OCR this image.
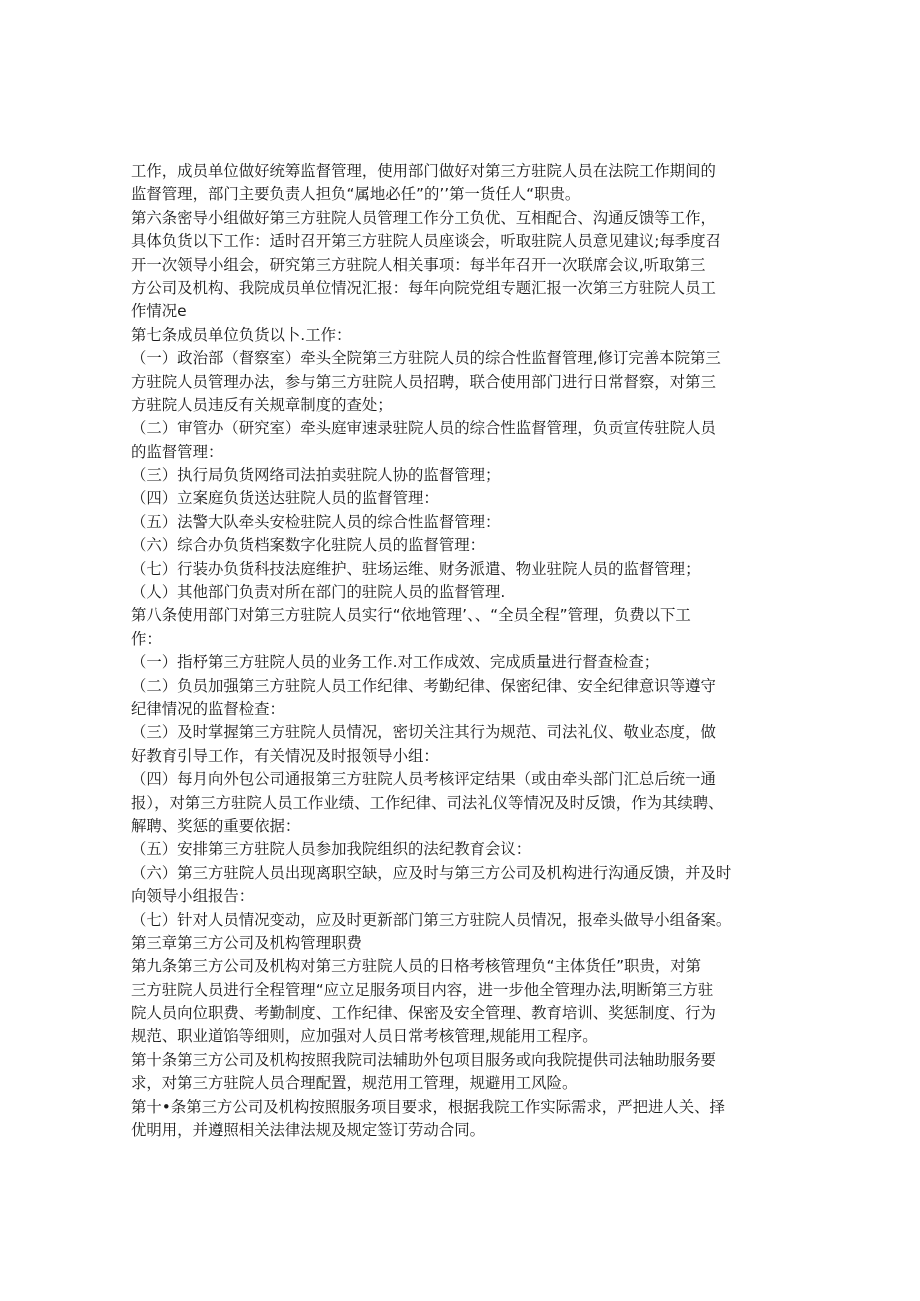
工作，成员单位做好统筹监督管理，使用部门做好对第三方驻院人员在法院工作期间的
监督管理，部门主要负责人担负“属地必任”的’’第一货任人“职贵。
第六条密导小组做好第三方驻院人员管理工作分工负优、互相配合、沟通反馈等工作，
具体负货以下工作：适时召开第三方驻院人员座谈会，听取驻院人员意见建议;每季度召
开一次领导小组会，研究第三方驻院人相关事项：每半年召开一次联席会议,听取第三
方公司及机构、我院成员单位情况汇报：每年向院党组专题汇报一次第三方驻院人员工
作情况e
第七条成员单位负货以卜.工作：
（一）政治部（督察室）牵头全院第三方驻院人员的综合性监督管理,修订完善本院第三
方驻院人员管理办法，参与第三方驻院人员招聘，联合使用部门进行日常督察，对第三
方驻院人员违反有关规章制度的查处；
（二）审管办（研究室）牵头庭审速录驻院人员的综合性监督管理，负贡宣传驻院人员
的监督管理：
（三）执行局负货网络司法拍卖驻院人协的监督管理；
（四）立案庭负货送达驻院人员的监督管理：
（五）法警大队牵头安检驻院人员的综合性监督管理：
（六）综合办负货档案数字化驻院人员的监督管理：
（七）行装办负货科技法庭维护、驻场运维、财务派遣、物业驻院人员的监督管理；
（人）其他部门负责对所在部门的驻院人员的监督管理.
第八条使用部门对第三方驻院人员实行“依地管理’、、“全员全程”管理，负费以下工
作：
（一）指杼第三方驻院人员的业务工作.对工作成效、完成质量进行督查检查；
（二）负员加强第三方驻院人员工作纪律、考勤纪律、保密纪律、安全纪律意识等遵守
纪律情况的监督检查：
（三）及时掌握第三方驻院人员情况，密切关注其行为规范、司法礼仪、敬业态度，做
好教育引导工作，有关情况及时报领导小组：
（四）每月向外包公司通报第三方驻院人员考核评定结果（或由牵头部门汇总后统一通
报），对第三方驻院人员工作业绩、工作纪律、司法礼仪等情况及时反馈，作为其续聘、
解聘、奖惩的重要依据：
（五）安排第三方驻院人员参加我院组织的法纪教育会议：
（六）第三方驻院人员出现离职空缺，应及时与第三方公司及机构进行沟通反馈，并及时
向领导小组报告：
（七）针对人员情况变动，应及时更新部门第三方驻院人员情况，报牵头做导小组备案。
第三章第三方公司及机构管理职费
第九条第三方公司及机构对第三方驻院人员的日格考核管理负“主体货任”职贵，对第
三方驻院人员进行全程管理“应立足服务项目内容，进一步他全管理办法,明断第三方驻
院人员向位职费、考勤制度、工作纪律、保密及安全管理、教育培训、奖惩制度、行为
规范、职业道馅等细则，应加强对人员日常考核管理,规能用工程序。
第十条第三方公司及机构按照我院司法辅助外包项目服务或向我院提供司法轴助服务要
求，对第三方驻院人员合理配置，规范用工管理，规避用工风险。
第十•条第三方公司及机构按照服务项目要求，根据我院工作实际需求，严把进人关、择
优明用，并遵照相关法律法规及规定签订劳动合同。
